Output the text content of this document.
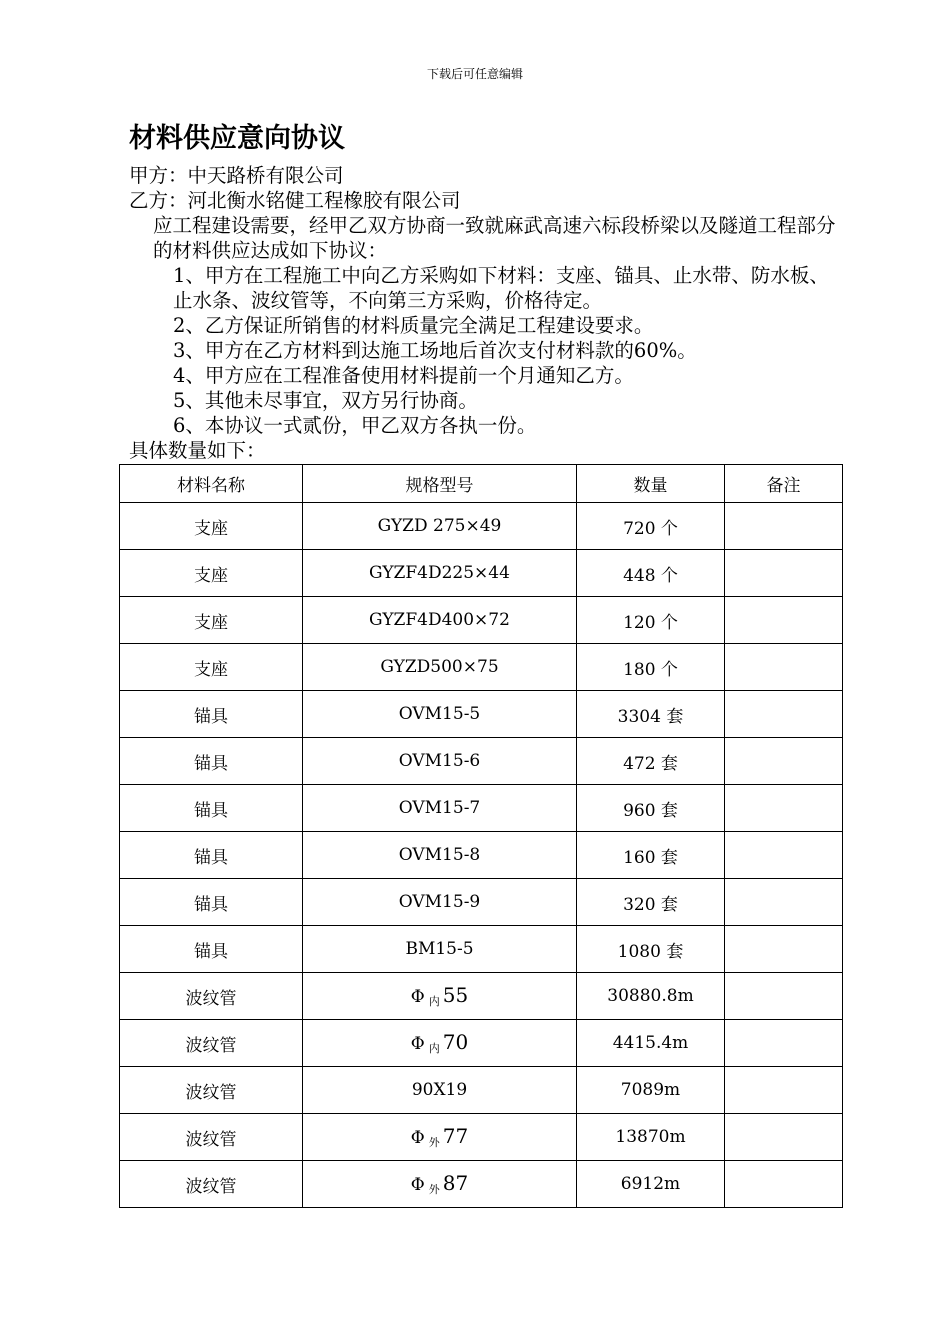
下载后可任意编辑
材料供应意向协议

甲方：中天路桥有限公司

乙方：河北衡水铭健工程橡胶有限公司

应工程建设需要，经甲乙双方协商一致就麻武高速六标段桥梁以及隧道工程部分的材料供应达成如下协议：

1、甲方在工程施工中向乙方采购如下材料：支座、锚具、止水带、防水板、止水条、波纹管等，不向第三方采购，价格待定。

2、乙方保证所销售的材料质量完全满足工程建设要求。

3、甲方在乙方材料到达施工场地后首次支付材料款的60%。

4、甲方应在工程准备使用材料提前一个月通知乙方。

5、其他未尽事宜，双方另行协商。

6、本协议一式贰份，甲乙双方各执一份。

具体数量如下：

材料名称	规格型号	数量	备注
支座	GYZD 275×49	720 个	
支座	GYZF4D225×44	448 个	
支座	GYZF4D400×72	120 个	
支座	GYZD500×75	180 个	
锚具	OVM15-5	3304 套	
锚具	OVM15-6	472 套	
锚具	OVM15-7	960 套	
锚具	OVM15-8	160 套	
锚具	OVM15-9	320 套	
锚具	BM15-5	1080 套	
波纹管	Φ $_内$ 55	30880.8m	
波纹管	Φ $_内$ 70	4415.4m	
波纹管	90X19	7089m	
波纹管	Φ $_外$ 77	13870m	
波纹管	Φ $_外$ 87	6912m	
